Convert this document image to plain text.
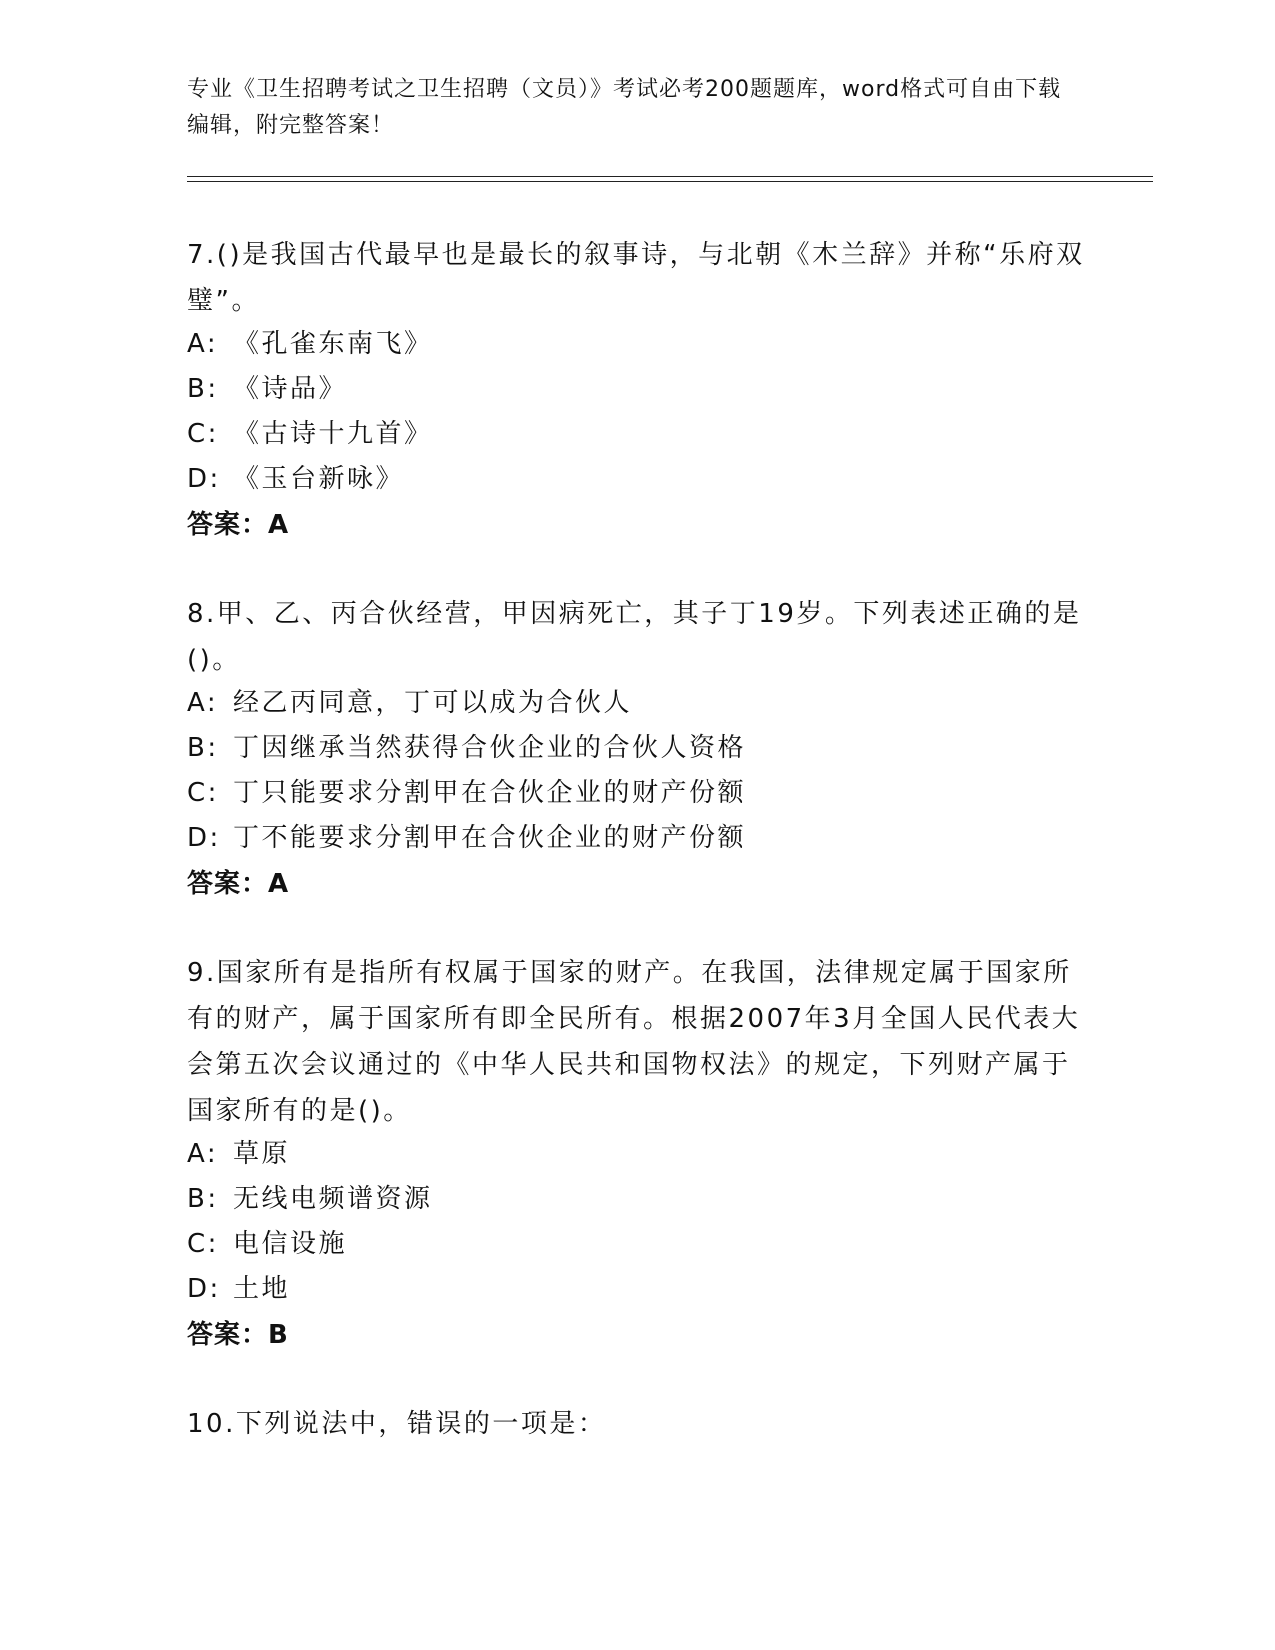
专业《卫生招聘考试之卫生招聘（文员）》考试必考200题题库，word格式可自由下载编辑，附完整答案！

7.()是我国古代最早也是最长的叙事诗，与北朝《木兰辞》并称“乐府双璧”。

A: 《孔雀东南飞》
B: 《诗品》
C: 《古诗十九首》
D: 《玉台新咏》
答案：A

8.甲、乙、丙合伙经营，甲因病死亡，其子丁19岁。下列表述正确的是()。

A: 经乙丙同意，丁可以成为合伙人
B: 丁因继承当然获得合伙企业的合伙人资格
C: 丁只能要求分割甲在合伙企业的财产份额
D: 丁不能要求分割甲在合伙企业的财产份额
答案：A

9.国家所有是指所有权属于国家的财产。在我国，法律规定属于国家所有的财产，属于国家所有即全民所有。根据2007年3月全国人民代表大会第五次会议通过的《中华人民共和国物权法》的规定，下列财产属于国家所有的是()。

A: 草原
B: 无线电频谱资源
C: 电信设施
D: 土地
答案：B

10.下列说法中，错误的一项是：
